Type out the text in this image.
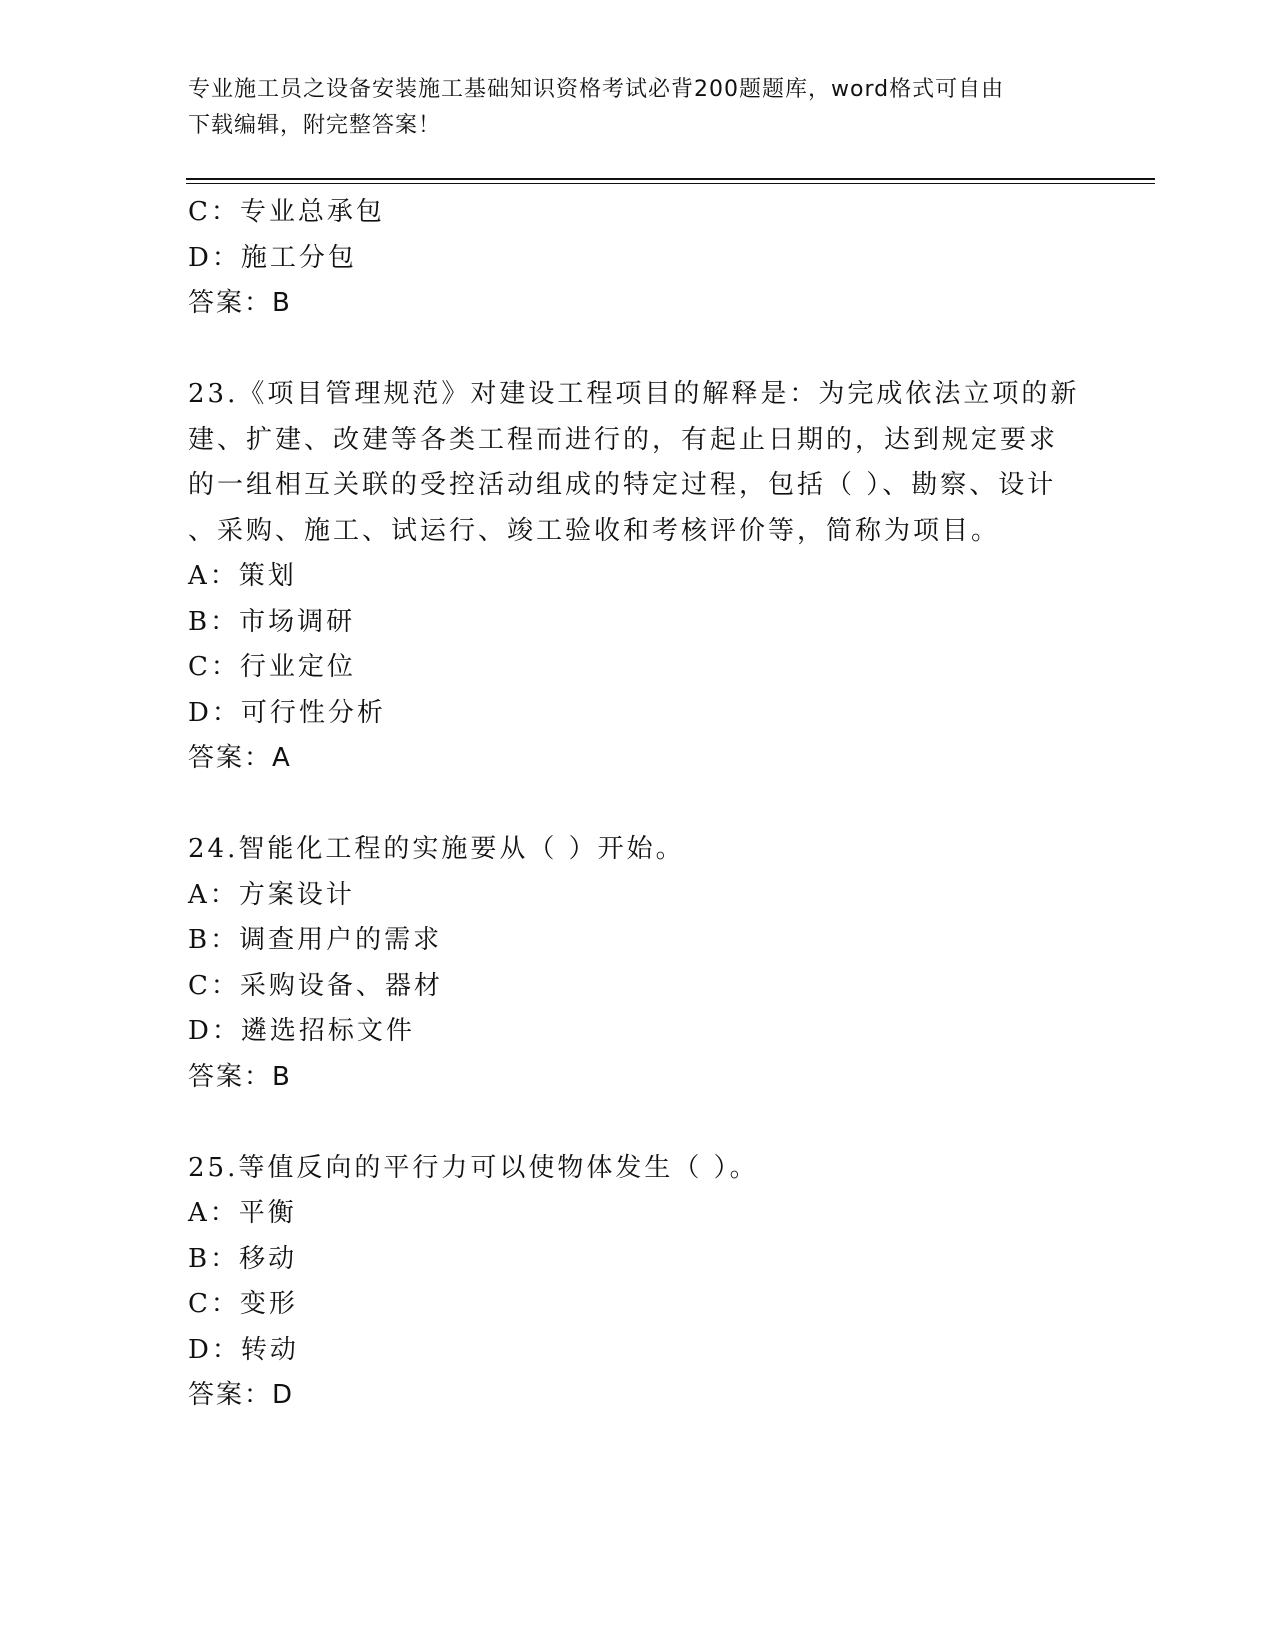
专业施工员之设备安装施工基础知识资格考试必背200题题库，word格式可自由
下载编辑，附完整答案！
C：专业总承包
D：施工分包
答案：B
23.《项目管理规范》对建设工程项目的解释是：为完成依法立项的新
建、扩建、改建等各类工程而进行的，有起止日期的，达到规定要求
的一组相互关联的受控活动组成的特定过程，包括（ ）、勘察、设计
、采购、施工、试运行、竣工验收和考核评价等，简称为项目。
A：策划
B：市场调研
C：行业定位
D：可行性分析
答案：A
24.智能化工程的实施要从（ ）开始。
A：方案设计
B：调查用户的需求
C：采购设备、器材
D：遴选招标文件
答案：B
25.等值反向的平行力可以使物体发生（ ）。
A：平衡
B：移动
C：变形
D：转动
答案：D
